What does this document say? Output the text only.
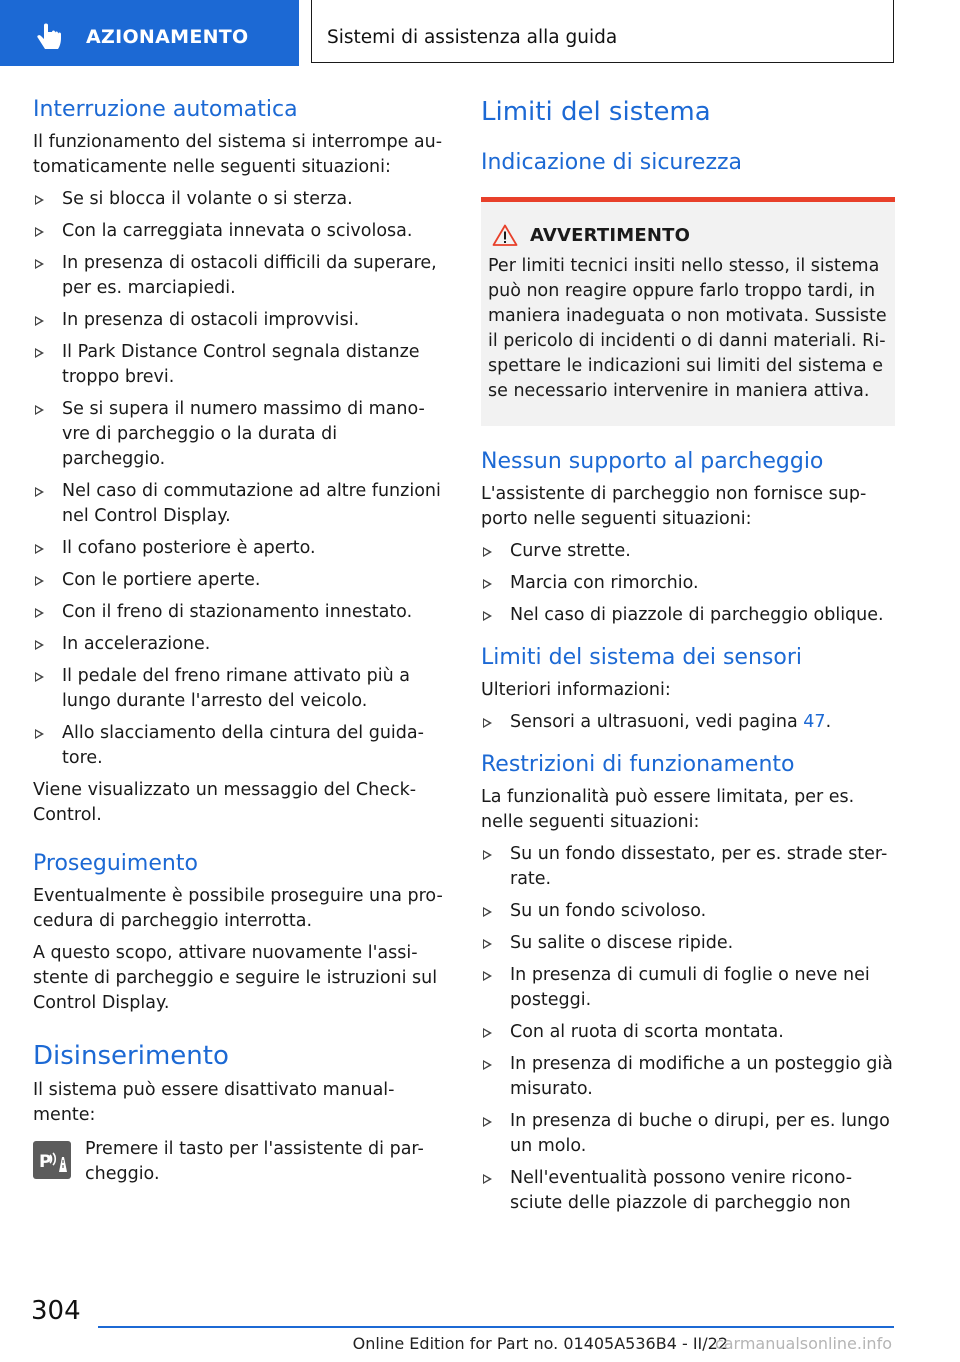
AZIONAMENTO	Sistemi di assistenza alla guida
Interruzione automatica

Il funzionamento del sistema si interrompe au-tomaticamente nelle seguenti situazioni:

Se si blocca il volante o si sterza.
Con la carreggiata innevata o scivolosa.
In presenza di ostacoli difficili da superare, per es. marciapiedi.
In presenza di ostacoli improvvisi.
Il Park Distance Control segnala distanze troppo brevi.
Se si supera il numero massimo di mano-vre di parcheggio o la durata di parcheggio.
Nel caso di commutazione ad altre funzioni nel Control Display.
Il cofano posteriore è aperto.
Con le portiere aperte.
Con il freno di stazionamento innestato.
In accelerazione.
Il pedale del freno rimane attivato più a lungo durante l'arresto del veicolo.
Allo slacciamento della cintura del guida-tore.

Viene visualizzato un messaggio del Check-Control.

Proseguimento

Eventualmente è possibile proseguire una pro-cedura di parcheggio interrotta.

A questo scopo, attivare nuovamente l'assi-stente di parcheggio e seguire le istruzioni sul Control Display.

Disinserimento

Il sistema può essere disattivato manual-mente:

P

Premere il tasto per l'assistente di par-cheggio.

Limiti del sistema
Indicazione di sicurezza
AVVERTIMENTO

Per limiti tecnici insiti nello stesso, il sistema può non reagire oppure farlo troppo tardi, in maniera inadeguata o non motivata. Sussiste il pericolo di incidenti o di danni materiali. Ri-spettare le indicazioni sui limiti del sistema e se necessario intervenire in maniera attiva.

Nessun supporto al parcheggio

L'assistente di parcheggio non fornisce sup-porto nelle seguenti situazioni:

Curve strette.
Marcia con rimorchio.
Nel caso di piazzole di parcheggio oblique.
Limiti del sistema dei sensori

Ulteriori informazioni:

Sensori a ultrasuoni, vedi pagina 47.
Restrizioni di funzionamento

La funzionalità può essere limitata, per es. nelle seguenti situazioni:

Su un fondo dissestato, per es. strade ster-rate.
Su un fondo scivoloso.
Su salite o discese ripide.
In presenza di cumuli di foglie o neve nei posteggi.
Con al ruota di scorta montata.
In presenza di modifiche a un posteggio già misurato.
In presenza di buche o dirupi, per es. lungo un molo.
Nell'eventualità possono venire ricono-sciute delle piazzole di parcheggio non
304
Online Edition for Part no. 01405A536B4 - II/22
carmanualsonline.info
